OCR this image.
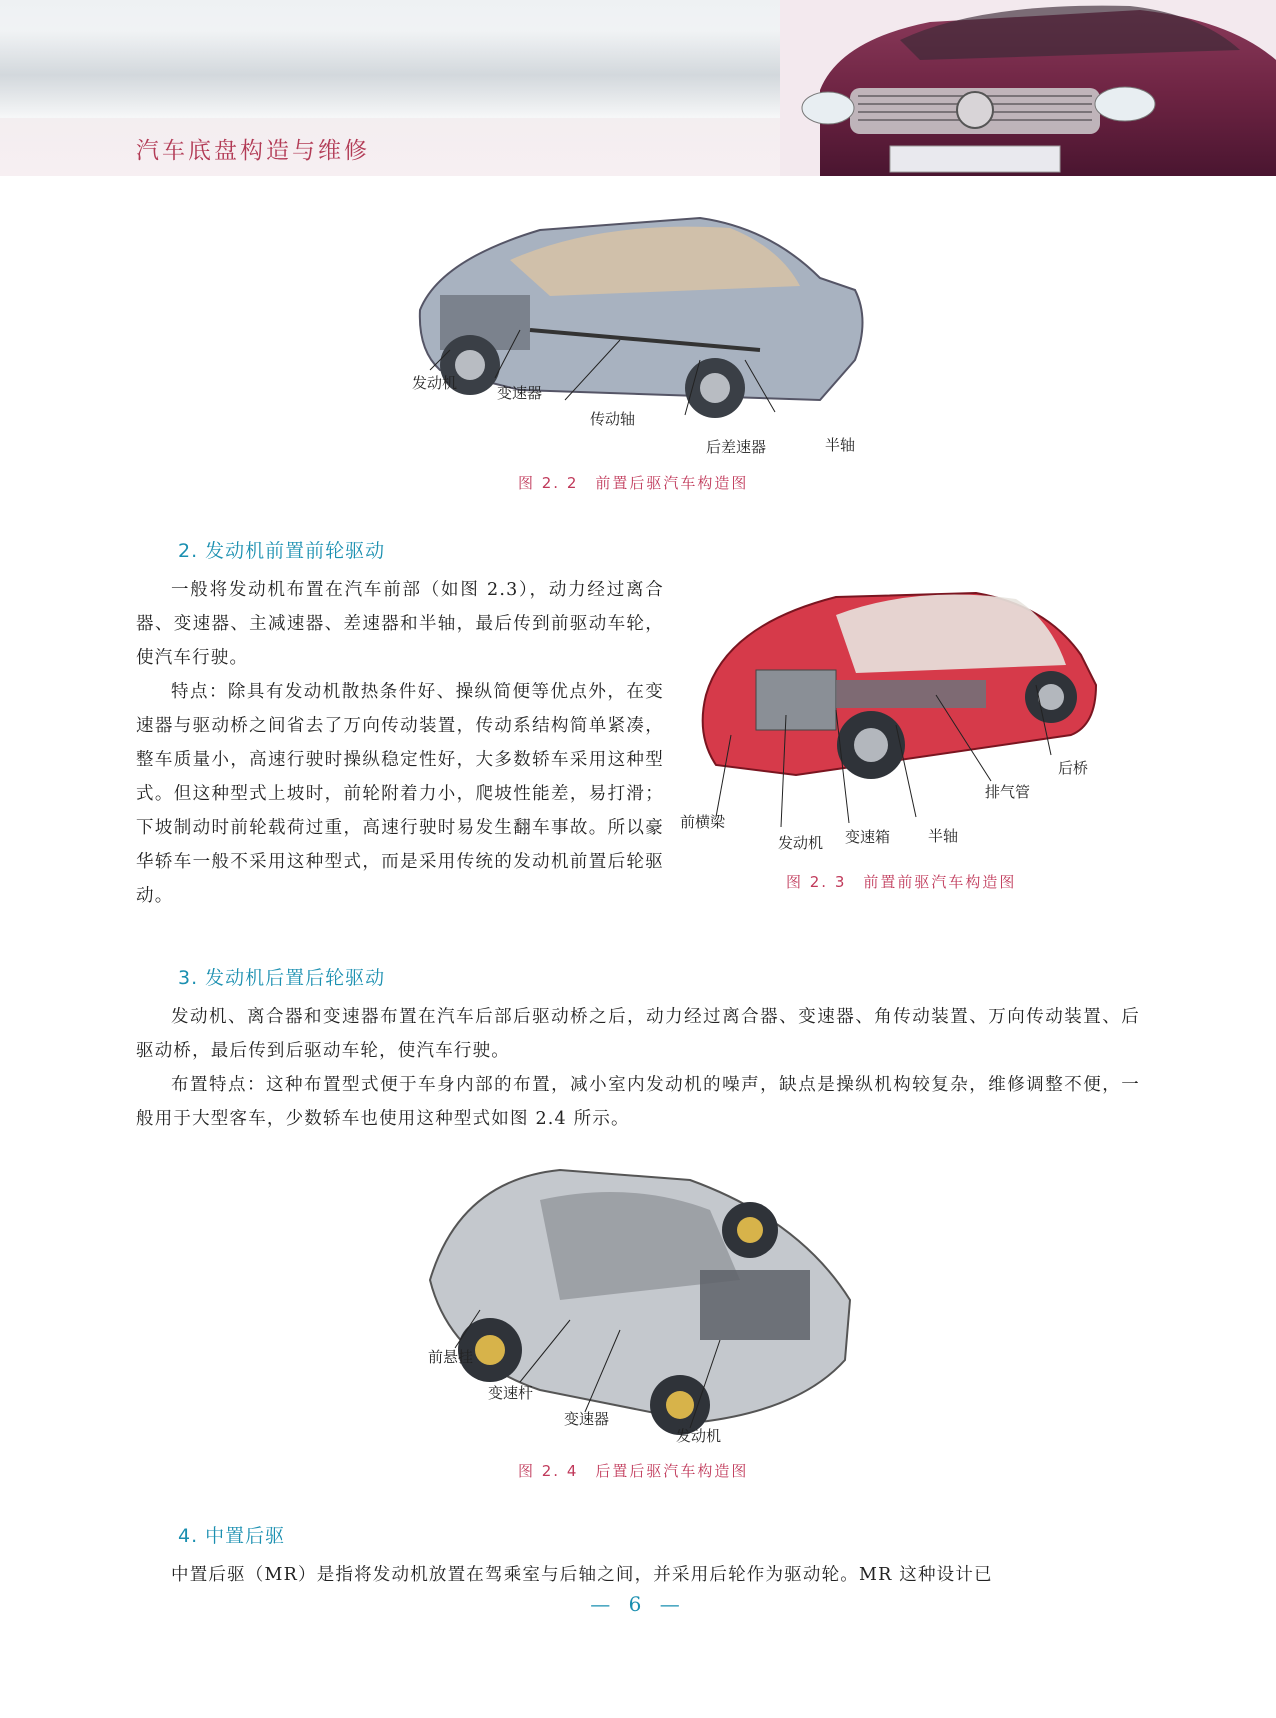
汽车底盘构造与维修
发动机
变速器
传动轴
后差速器	半轴
图 2. 2　前置后驱汽车构造图
2. 发动机前置前轮驱动

一般将发动机布置在汽车前部（如图 2.3），动力经过离合器、变速器、主减速器、差速器和半轴，最后传到前驱动车轮，使汽车行驶。

特点：除具有发动机散热条件好、操纵简便等优点外，在变速器与驱动桥之间省去了万向传动装置，传动系结构简单紧凑，整车质量小，高速行驶时操纵稳定性好，大多数轿车采用这种型式。但这种型式上坡时，前轮附着力小，爬坡性能差，易打滑；下坡制动时前轮载荷过重，高速行驶时易发生翻车事故。所以豪华轿车一般不采用这种型式，而是采用传统的发动机前置后轮驱动。

前横梁
发动机 变速箱	半轴
排气管
后桥
图 2. 3　前置前驱汽车构造图
3. 发动机后置后轮驱动

发动机、离合器和变速器布置在汽车后部后驱动桥之后，动力经过离合器、变速器、角传动装置、万向传动装置、后驱动桥，最后传到后驱动车轮，使汽车行驶。

布置特点：这种布置型式便于车身内部的布置，减小室内发动机的噪声，缺点是操纵机构较复杂，维修调整不便，一般用于大型客车，少数轿车也使用这种型式如图 2.4 所示。

前悬挂
变速杆
变速器
发动机
图 2. 4　后置后驱汽车构造图
4. 中置后驱

中置后驱（MR）是指将发动机放置在驾乘室与后轴之间，并采用后轮作为驱动轮。MR 这种设计已

— 6 —
